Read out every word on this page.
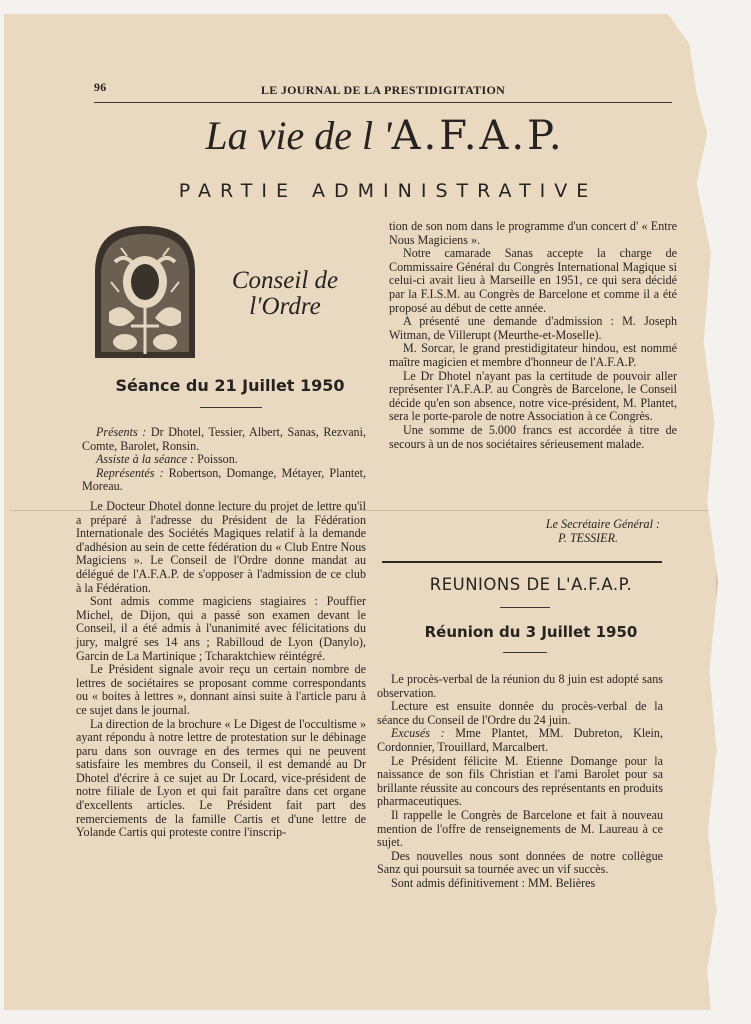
96	LE JOURNAL DE LA PRESTIDIGITATION
La vie de l 'A.F.A.P.
PARTIE ADMINISTRATIVE
Conseil de
l'Ordre
Séance du 21 Juillet 1950

Présents : Dr Dhotel, Tessier, Albert, Sanas, Rezvani, Comte, Barolet, Ronsin.

Assiste à la séance : Poisson.

Représentés : Robertson, Domange, Métayer, Plantet, Moreau.

Le Docteur Dhotel donne lecture du projet de lettre qu'il a préparé à l'adresse du Président de la Fédération Internationale des Sociétés Magiques relatif à la demande d'adhésion au sein de cette fédération du « Club Entre Nous Magiciens ». Le Conseil de l'Ordre donne mandat au délégué de l'A.F.A.P. de s'opposer à l'admission de ce club à la Fédération.

Sont admis comme magiciens stagiaires : Pouffier Michel, de Dijon, qui a passé son examen devant le Conseil, il a été admis à l'unanimité avec félicitations du jury, malgré ses 14 ans ; Rabilloud de Lyon (Danylo), Garcin de La Martinique ; Tcharaktchiew réintégré.

Le Président signale avoir reçu un certain nombre de lettres de sociétaires se proposant comme correspondants ou « boites à lettres », donnant ainsi suite à l'article paru à ce sujet dans le journal.

La direction de la brochure « Le Digest de l'occultisme » ayant répondu à notre lettre de protestation sur le débinage paru dans son ouvrage en des termes qui ne peuvent satisfaire les membres du Conseil, il est demandé au Dr Dhotel d'écrire à ce sujet au Dr Locard, vice-président de notre filiale de Lyon et qui fait paraître dans cet organe d'excellents articles. Le Président fait part des remerciements de la famille Cartis et d'une lettre de Yolande Cartis qui proteste contre l'inscrip-

tion de son nom dans le programme d'un concert d' « Entre Nous Magiciens ».

Notre camarade Sanas accepte la charge de Commissaire Général du Congrès International Magique si celui-ci avait lieu à Marseille en 1951, ce qui sera décidé par la F.I.S.M. au Congrès de Barcelone et comme il a été proposé au début de cette année.

A présenté une demande d'admission : M. Joseph Witman, de Villerupt (Meurthe-et-Moselle).

M. Sorcar, le grand prestidigitateur hindou, est nommé maître magicien et membre d'honneur de l'A.F.A.P.

Le Dr Dhotel n'ayant pas la certitude de pouvoir aller représenter l'A.F.A.P. au Congrès de Barcelone, le Conseil décide qu'en son absence, notre vice-président, M. Plantet, sera le porte-parole de notre Association à ce Congrès.

Une somme de 5.000 francs est accordée à titre de secours à un de nos sociétaires sérieusement malade.

Le Secrétaire Général :
P. TESSIER.
REUNIONS DE L'A.F.A.P.
Réunion du 3 Juillet 1950

Le procès-verbal de la réunion du 8 juin est adopté sans observation.

Lecture est ensuite donnée du procès-verbal de la séance du Conseil de l'Ordre du 24 juin.

Excusés : Mme Plantet, MM. Dubreton, Klein, Cordonnier, Trouillard, Marcalbert.

Le Président félicite M. Etienne Domange pour la naissance de son fils Christian et l'ami Barolet pour sa brillante réussite au concours des représentants en produits pharmaceutiques.

Il rappelle le Congrès de Barcelone et fait à nouveau mention de l'offre de renseignements de M. Laureau à ce sujet.

Des nouvelles nous sont données de notre collègue Sanz qui poursuit sa tournée avec un vif succès.

Sont admis définitivement : MM. Belières
